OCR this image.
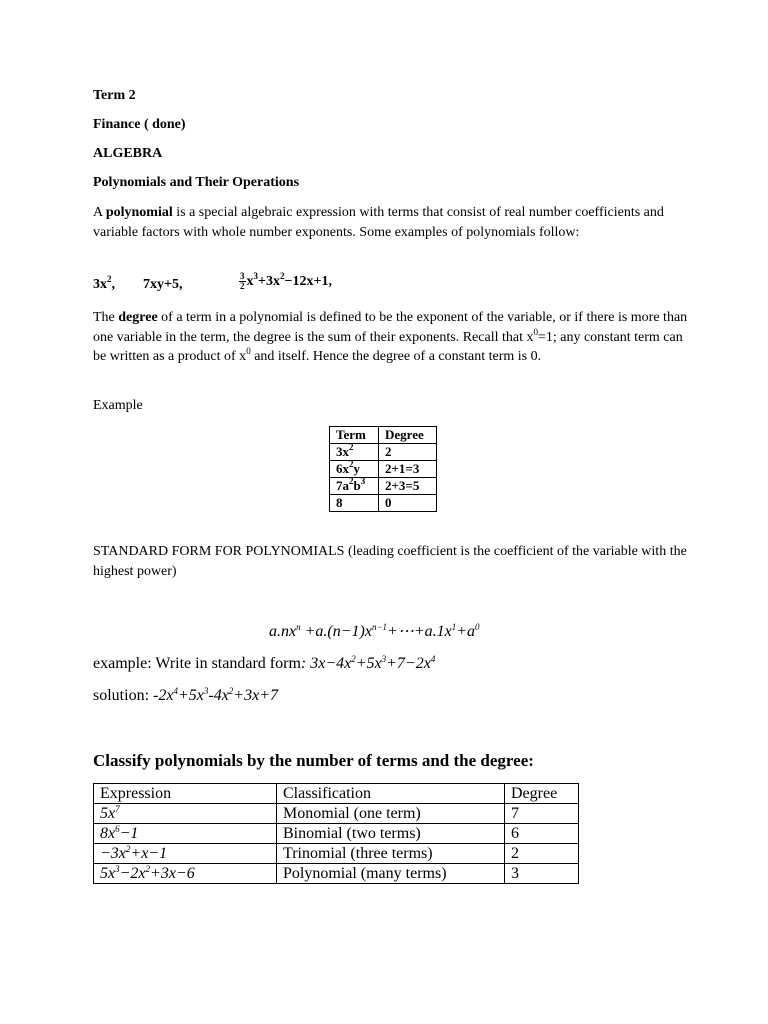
Term 2

Finance ( done)

ALGEBRA

Polynomials and Their Operations

A polynomial is a special algebraic expression with terms that consist of real number coefficients and variable factors with whole number exponents. Some examples of polynomials follow:

$3x^2$, 7xy+5,	$\frac{3}{2} x^3+3x^2-12x+1$,

The degree of a term in a polynomial is defined to be the exponent of the variable, or if there is more than one variable in the term, the degree is the sum of their exponents. Recall that $x^0=1$; any constant term can be written as a product of $x^0$ and itself. Hence the degree of a constant term is 0.

Example

Term	Degree
$3x^2$	2
$6x^2y$	2+1=3
$7a^2b^3$	2+3=5
8	0

STANDARD FORM FOR POLYNOMIALS (leading coefficient is the coefficient of the variable with the highest power)

$a.nx^n$ $+a.(n-1)x^{n-1}+\cdots+a.1x^1+a^0$

example: Write in standard form: $3x-4x^2+5x^3+7-2x^4$

solution: $-2x^4+5x^3-4x^2+3x+7$

Classify polynomials by the number of terms and the degree:

Expression	Classification	Degree
$5x^7$	Monomial (one term)	7
$8x^6-1$	Binomial (two terms)	6
$-3x^2+x-1$	Trinomial (three terms)	2
$5x^3-2x^2+3x-6$	Polynomial (many terms)	3
